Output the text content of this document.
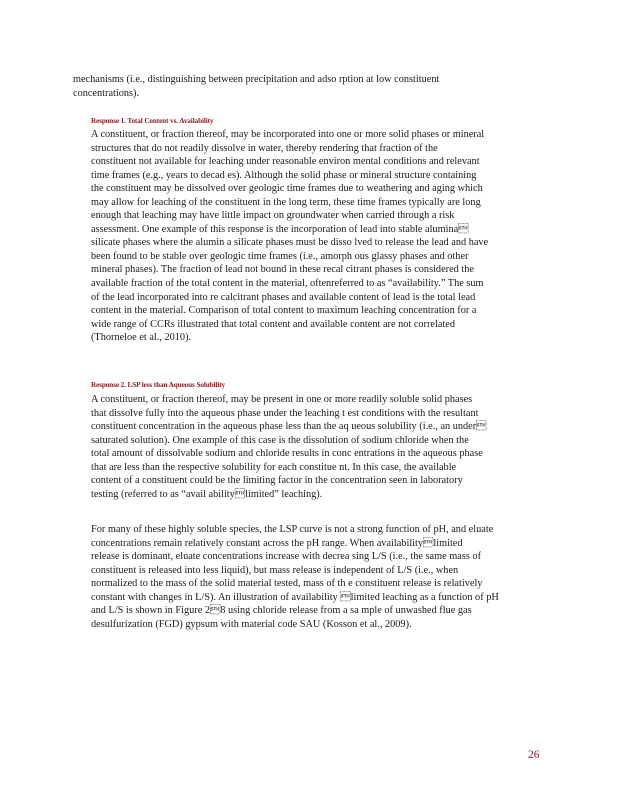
mechanisms (i.e., distinguishing between precipitation and adso rption at low constituent
concentrations).

Response 1. Total Content vs. Availability

A constituent, or fraction thereof, may be incorporated into one or more solid phases or mineral
structures that do not readily dissolve in water, thereby rendering that fraction of the
constituent not available for leaching under reasonable environ mental conditions and relevant
time frames (e.g., years to decad es). Although the solid phase or mineral structure containing
the constituent may be dissolved over geologic time frames due to weathering and aging which
may allow for leaching of the constituent in the long term, these time frames typically are long
enough that leaching may have little impact on groundwater when carried through a risk
assessment. One example of this response is the incorporation of lead into stable alumina
silicate phases where the alumin a silicate phases must be disso lved to release the lead and have
been found to be stable over geologic time frames (i.e., amorph ous glassy phases and other
mineral phases). The fraction of lead not bound in these recal citrant phases is considered the
available fraction of the total content in the material, oftenreferred to as “availability.” The sum
of the lead incorporated into re calcitrant phases and available content of lead is the total lead
content in the material. Comparison of total content to maximum leaching concentration for a
wide range of CCRs illustrated that total content and available content are not correlated
(Thorneloe et al., 2010).

Response 2. LSP less than Aqueous Solubility

A constituent, or fraction thereof, may be present in one or more readily soluble solid phases
that dissolve fully into the aqueous phase under the leaching t est conditions with the resultant
constituent concentration in the aqueous phase less than the aq ueous solubility (i.e., an under
saturated solution). One example of this case is the dissolution of sodium chloride when the
total amount of dissolvable sodium and chloride results in conc entrations in the aqueous phase
that are less than the respective solubility for each constitue nt. In this case, the available
content of a constituent could be the limiting factor in the concentration seen in laboratory
testing (referred to as “avail abilitylimited” leaching).

For many of these highly soluble species, the LSP curve is not a strong function of pH, and eluate
concentrations remain relatively constant across the pH range. When availabilitylimited
release is dominant, eluate concentrations increase with decrea sing L/S (i.e., the same mass of
constituent is released into less liquid), but mass release is independent of L/S (i.e., when
normalized to the mass of the solid material tested, mass of th e constituent release is relatively
constant with changes in L/S). An illustration of availability limited leaching as a function of pH
and L/S is shown in Figure 28 using chloride release from a sa mple of unwashed flue gas
desulfurization (FGD) gypsum with material code SAU (Kosson et al., 2009).

26
